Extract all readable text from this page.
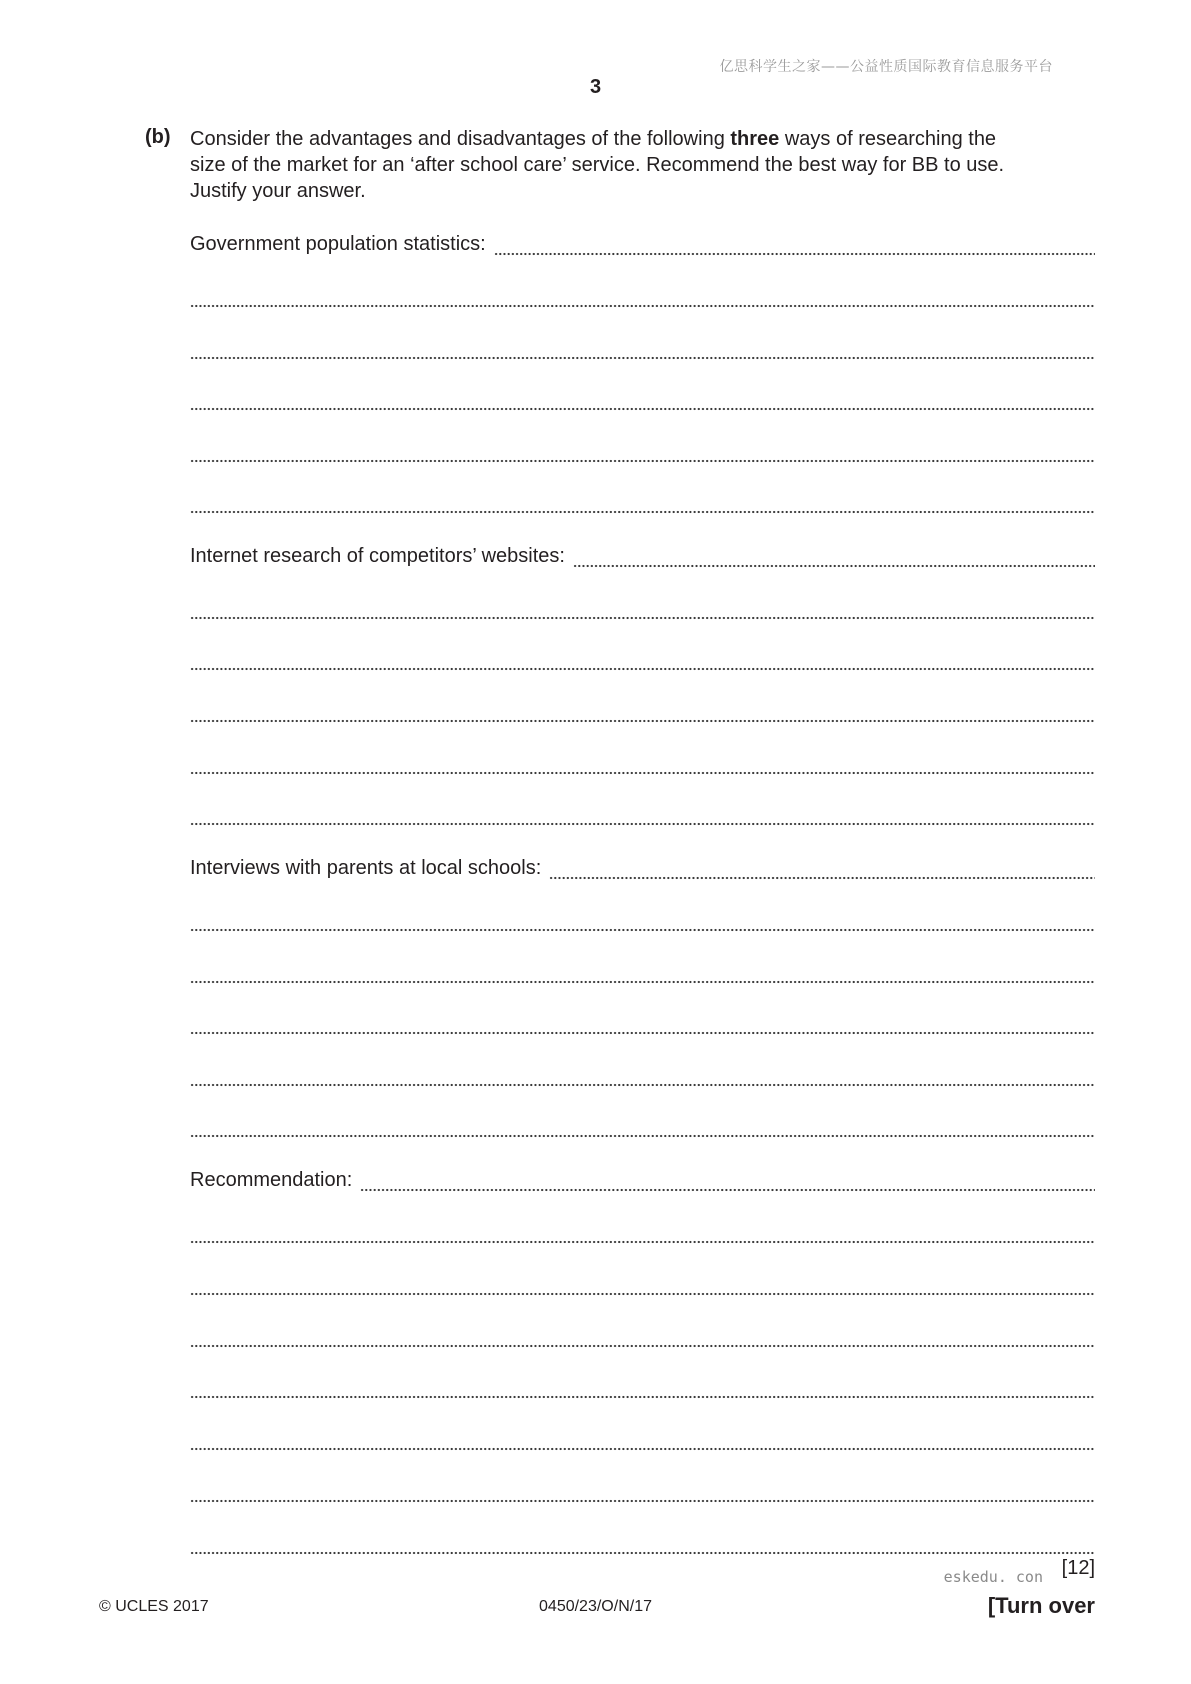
亿思科学生之家——公益性质国际教育信息服务平台
3
(b) Consider the advantages and disadvantages of the following three ways of researching the
size of the market for an ‘after school care’ service. Recommend the best way for BB to use.
Justify your answer.
Government population statistics:
Internet research of competitors’ websites:
Interviews with parents at local schools:
Recommendation:
eskedu. con [12]
© UCLES 2017	0450/23/O/N/17	[Turn over
